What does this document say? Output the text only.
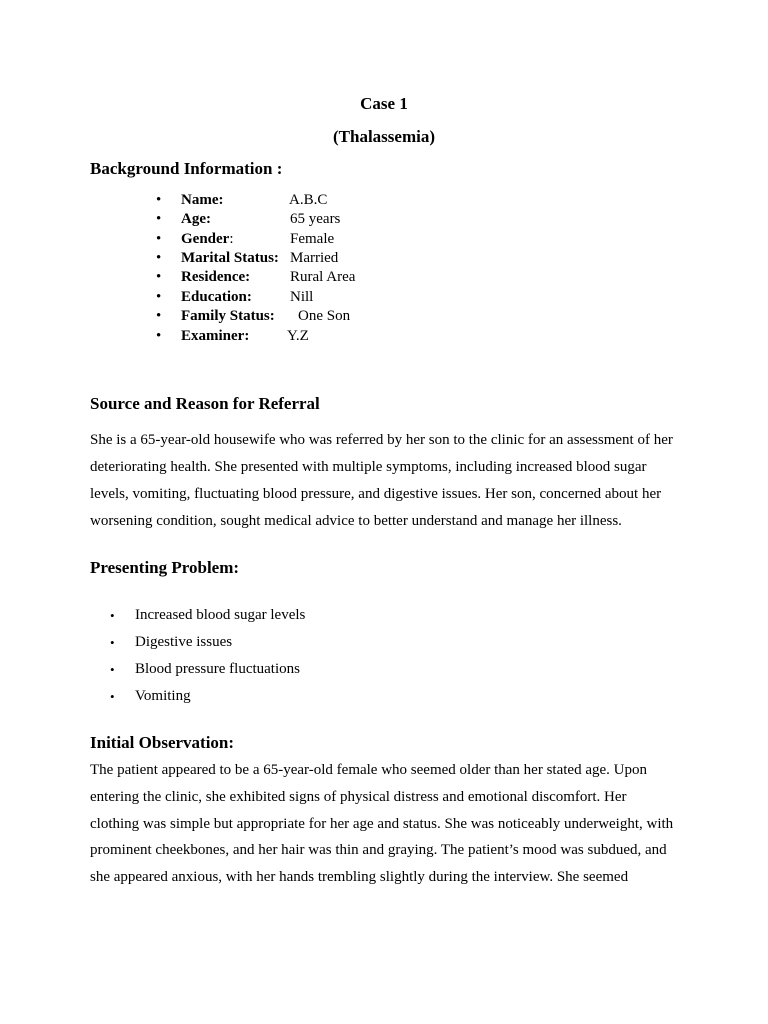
Case 1
(Thalassemia)
Background Information :
• Name:	A.B.C
• Age:	65 years
• Gender:	Female
• Marital Status: Married
• Residence:	Rural Area
• Education:	Nill
• Family Status: One Son
• Examiner:	Y.Z
Source and Reason for Referral
She is a 65-year-old housewife who was referred by her son to the clinic for an assessment of her
deteriorating health. She presented with multiple symptoms, including increased blood sugar
levels, vomiting, fluctuating blood pressure, and digestive issues. Her son, concerned about her
worsening condition, sought medical advice to better understand and manage her illness.
Presenting Problem:
• Increased blood sugar levels
• Digestive issues
• Blood pressure fluctuations
• Vomiting
Initial Observation:
The patient appeared to be a 65-year-old female who seemed older than her stated age. Upon
entering the clinic, she exhibited signs of physical distress and emotional discomfort. Her
clothing was simple but appropriate for her age and status. She was noticeably underweight, with
prominent cheekbones, and her hair was thin and graying. The patient’s mood was subdued, and
she appeared anxious, with her hands trembling slightly during the interview. She seemed
